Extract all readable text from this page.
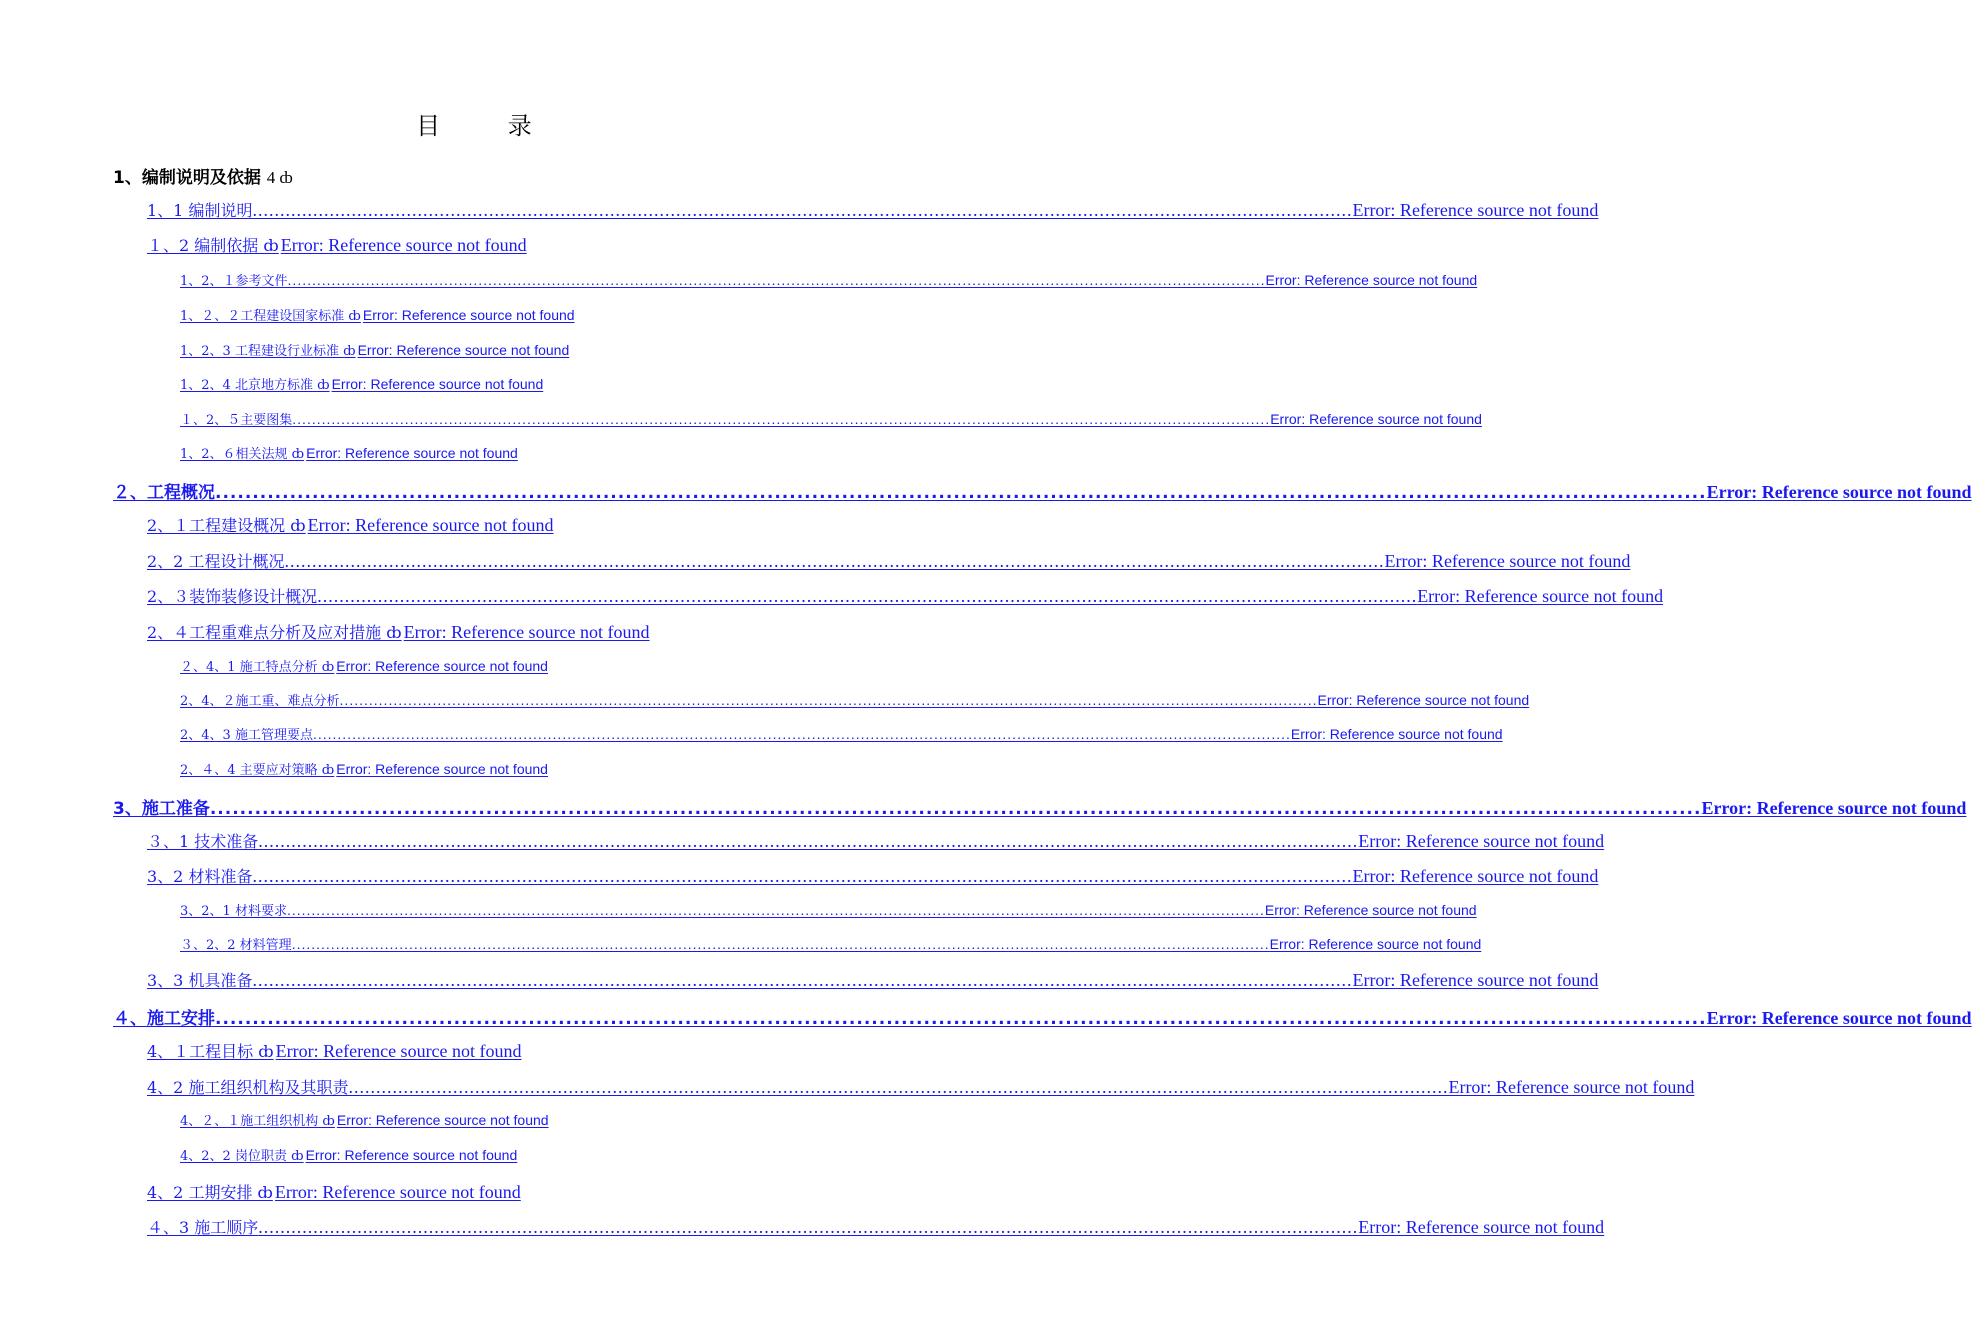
目 录
1、编制说明及依据 4 ȸ
1、1 编制说明 ........................................................................................................................................................................................................ Error: Reference source not found
１、2 编制依据 ȸ Error: Reference source not found
1、2、１参考文件 ........................................................................................................................................................................................................ Error: Reference source not found
1、２、２工程建设国家标准 ȸ Error: Reference source not found
1、2、3 工程建设行业标准 ȸ Error: Reference source not found
1、2、4 北京地方标准 ȸ Error: Reference source not found
１、2、５主要图集 ........................................................................................................................................................................................................ Error: Reference source not found
1、2、６相关法规 ȸ Error: Reference source not found
２、工程概况 ........................................................................................................................................................................................................ Error: Reference source not found
2、１工程建设概况 ȸ Error: Reference source not found
2、2 工程设计概况 ........................................................................................................................................................................................................ Error: Reference source not found
2、３装饰装修设计概况 ........................................................................................................................................................................................................ Error: Reference source not found
2、４工程重难点分析及应对措施 ȸ Error: Reference source not found
２、4、1 施工特点分析 ȸ Error: Reference source not found
2、4、２施工重、难点分析 ........................................................................................................................................................................................................ Error: Reference source not found
2、4、3 施工管理要点 ........................................................................................................................................................................................................ Error: Reference source not found
2、４、4 主要应对策略 ȸ Error: Reference source not found
3、施工准备 ........................................................................................................................................................................................................ Error: Reference source not found
３、1 技术准备 ........................................................................................................................................................................................................ Error: Reference source not found
3、2 材料准备 ........................................................................................................................................................................................................ Error: Reference source not found
3、2、1 材料要求 ........................................................................................................................................................................................................ Error: Reference source not found
３、2、2 材料管理 ........................................................................................................................................................................................................ Error: Reference source not found
3、3 机具准备 ........................................................................................................................................................................................................ Error: Reference source not found
４、施工安排 ........................................................................................................................................................................................................ Error: Reference source not found
4、１工程目标 ȸ Error: Reference source not found
4、2 施工组织机构及其职责 ........................................................................................................................................................................................................ Error: Reference source not found
4、２、１施工组织机构 ȸ Error: Reference source not found
4、2、2 岗位职责 ȸ Error: Reference source not found
4、2 工期安排 ȸ Error: Reference source not found
４、3 施工顺序 ........................................................................................................................................................................................................ Error: Reference source not found
